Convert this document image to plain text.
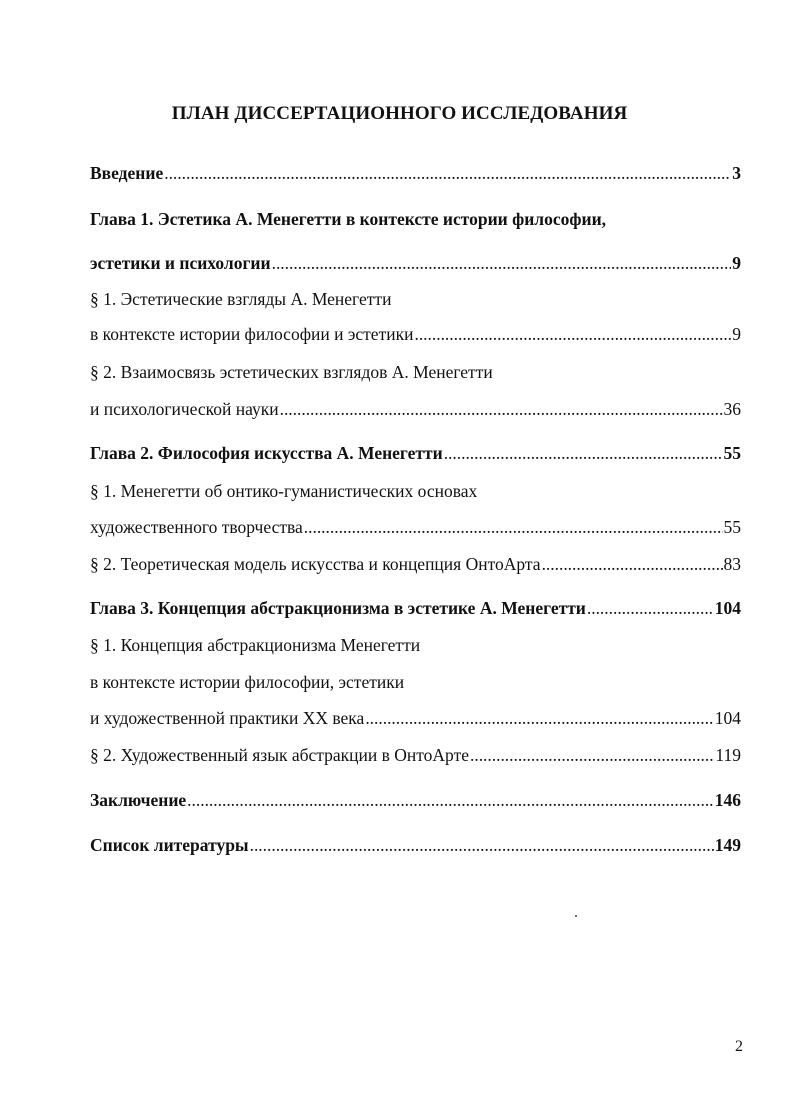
ПЛАН ДИССЕРТАЦИОННОГО ИССЛЕДОВАНИЯ
Введение . . .	3
Глава 1. Эстетика А. Менегетти в контексте истории философии,
эстетики и психологии . . .	9
§ 1. Эстетические взгляды А. Менегетти
в контексте истории философии и эстетики . . .	9
§ 2. Взаимосвязь эстетических взглядов А. Менегетти
и психологической науки . . .	36
Глава 2. Философия искусства А. Менегетти . . .	55
§ 1. Менегетти об онтико-гуманистических основах
художественного творчества . . .	55
§ 2. Теоретическая модель искусства и концепция ОнтоАрта . . .	83
Глава 3. Концепция абстракционизма в эстетике А. Менегетти . . .	104
§ 1. Концепция абстракционизма Менегетти
в контексте истории философии, эстетики
и художественной практики XX века . . .	104
§ 2. Художественный язык абстракции в ОнтоАрте . . .	119
Заключение . . .	146
Список литературы . . .	149
2
